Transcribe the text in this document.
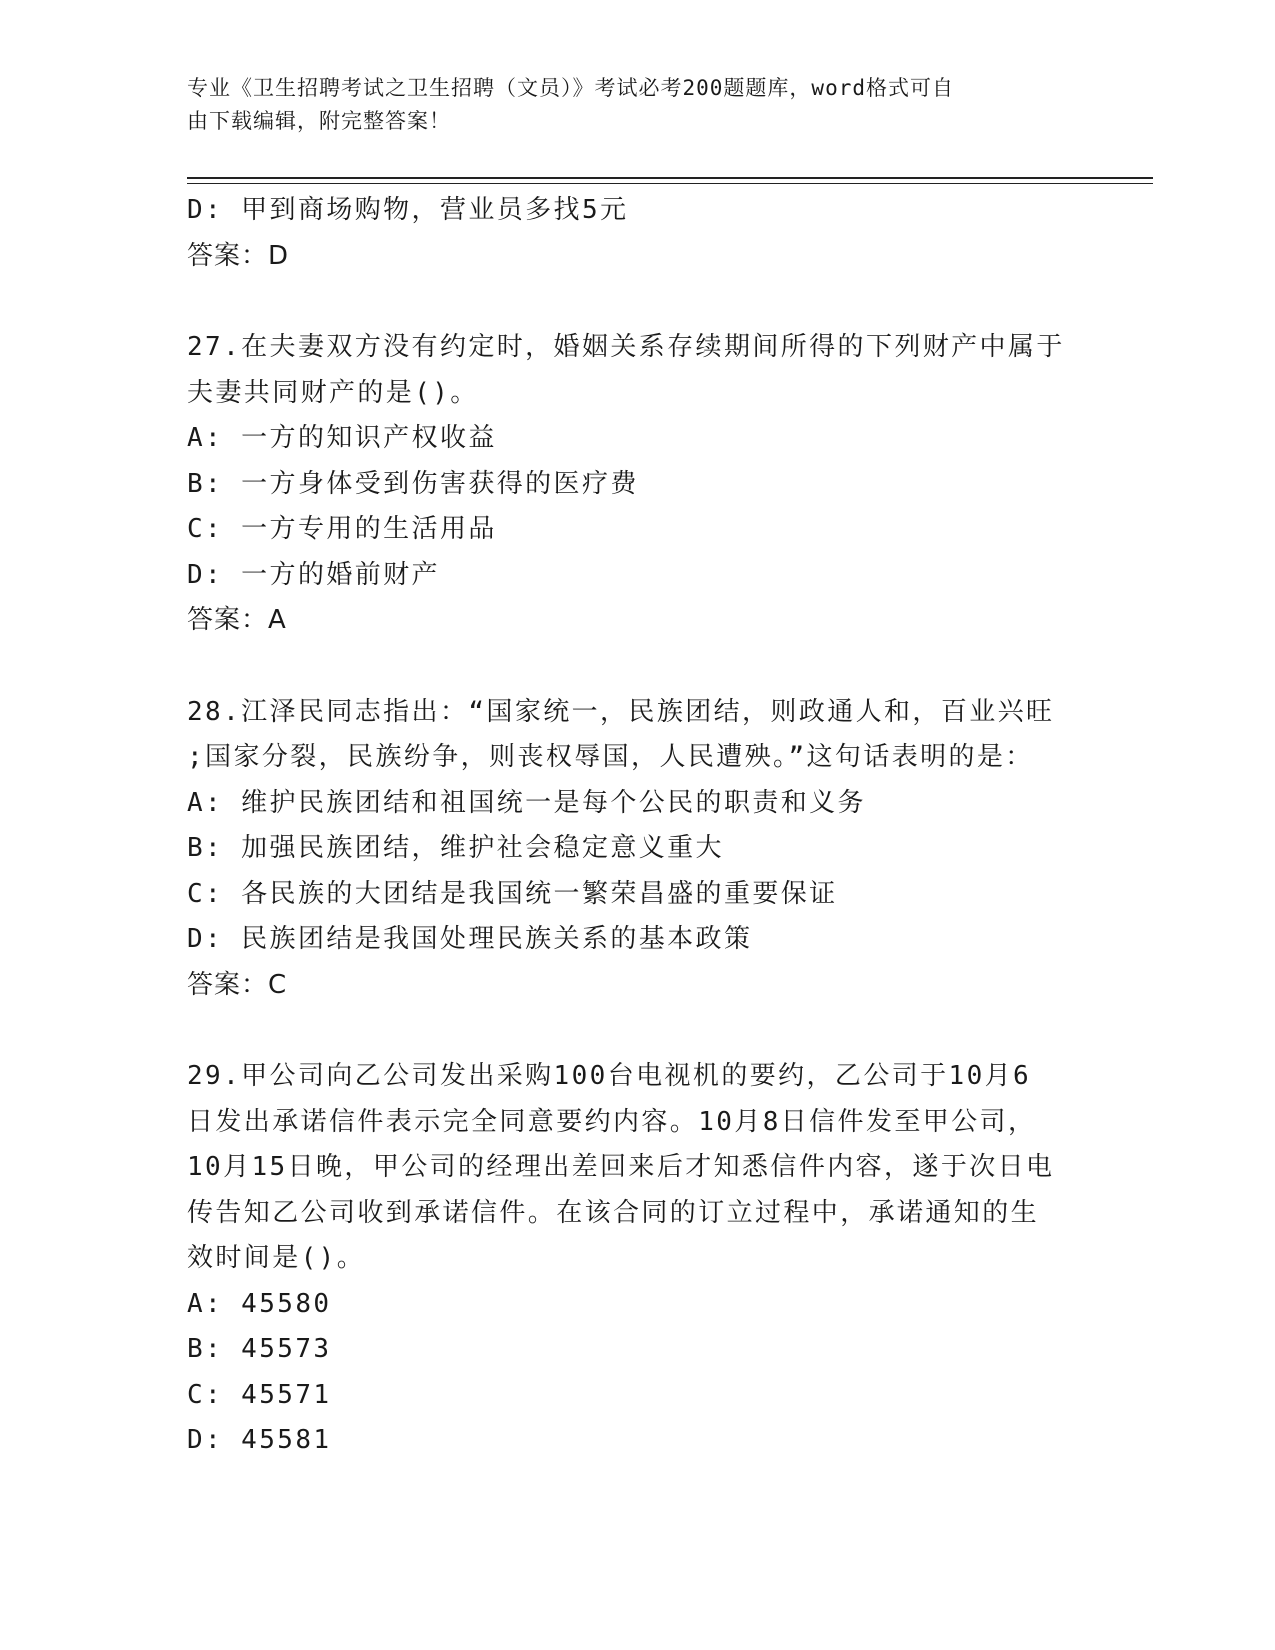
专业《卫生招聘考试之卫生招聘（文员）》考试必考200题题库，word格式可自
由下载编辑，附完整答案！
D: 甲到商场购物，营业员多找5元
答案：D
27.在夫妻双方没有约定时，婚姻关系存续期间所得的下列财产中属于
夫妻共同财产的是()。
A: 一方的知识产权收益
B: 一方身体受到伤害获得的医疗费
C: 一方专用的生活用品
D: 一方的婚前财产
答案：A
28.江泽民同志指出：“国家统一，民族团结，则政通人和，百业兴旺
;国家分裂，民族纷争，则丧权辱国，人民遭殃。”这句话表明的是：
A: 维护民族团结和祖国统一是每个公民的职责和义务
B: 加强民族团结，维护社会稳定意义重大
C: 各民族的大团结是我国统一繁荣昌盛的重要保证
D: 民族团结是我国处理民族关系的基本政策
答案：C
29.甲公司向乙公司发出采购100台电视机的要约，乙公司于10月6
日发出承诺信件表示完全同意要约内容。10月8日信件发至甲公司，
10月15日晚，甲公司的经理出差回来后才知悉信件内容，遂于次日电
传告知乙公司收到承诺信件。在该合同的订立过程中，承诺通知的生
效时间是()。
A: 45580
B: 45573
C: 45571
D: 45581
